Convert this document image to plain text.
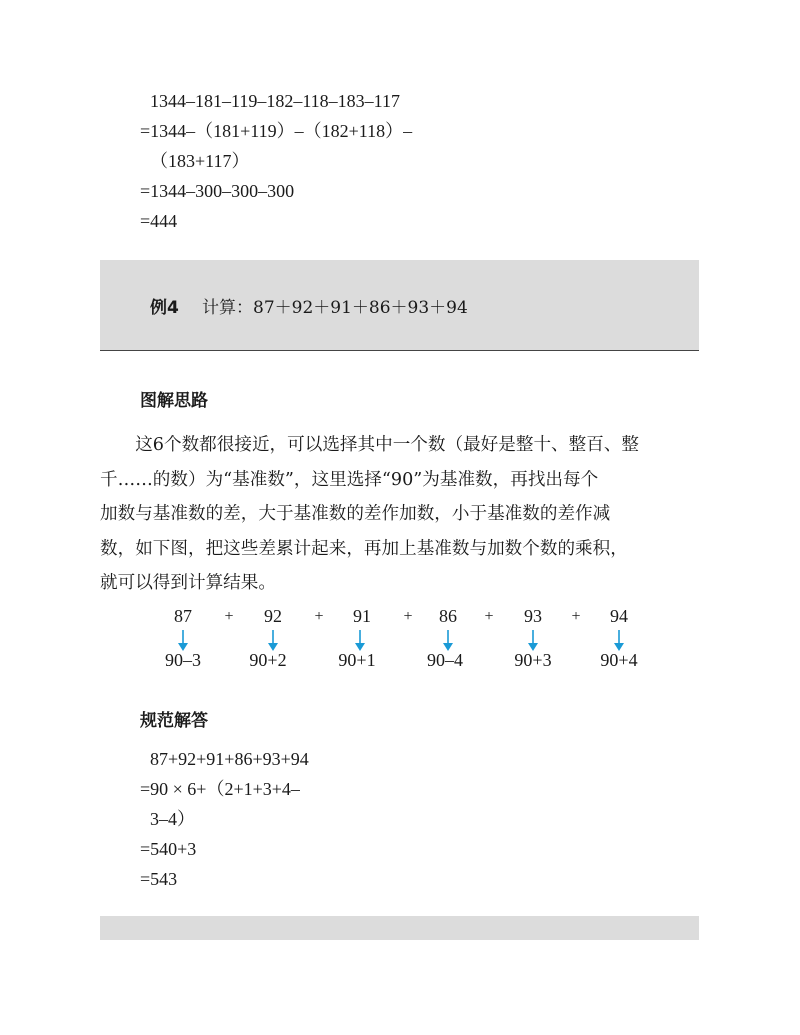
1344–181–119–182–118–183–117
=1344–（181+119）–（182+118）–
（183+117）
=1344–300–300–300
=444
例4 计算：87＋92＋91＋86＋93＋94
图解思路
　　这6个数都很接近，可以选择其中一个数（最好是整十、整百、整
千……的数）为“基准数”，这里选择“90”为基准数，再找出每个
加数与基准数的差，大于基准数的差作加数，小于基准数的差作减
数，如下图，把这些差累计起来，再加上基准数与加数个数的乘积，
就可以得到计算结果。
87 + 92 + 91 + 86 + 93 + 94
90–3	90+2	90+1	90–4	90+3	90+4
规范解答
87+92+91+86+93+94
=90 × 6+（2+1+3+4–
3–4）
=540+3
=543
